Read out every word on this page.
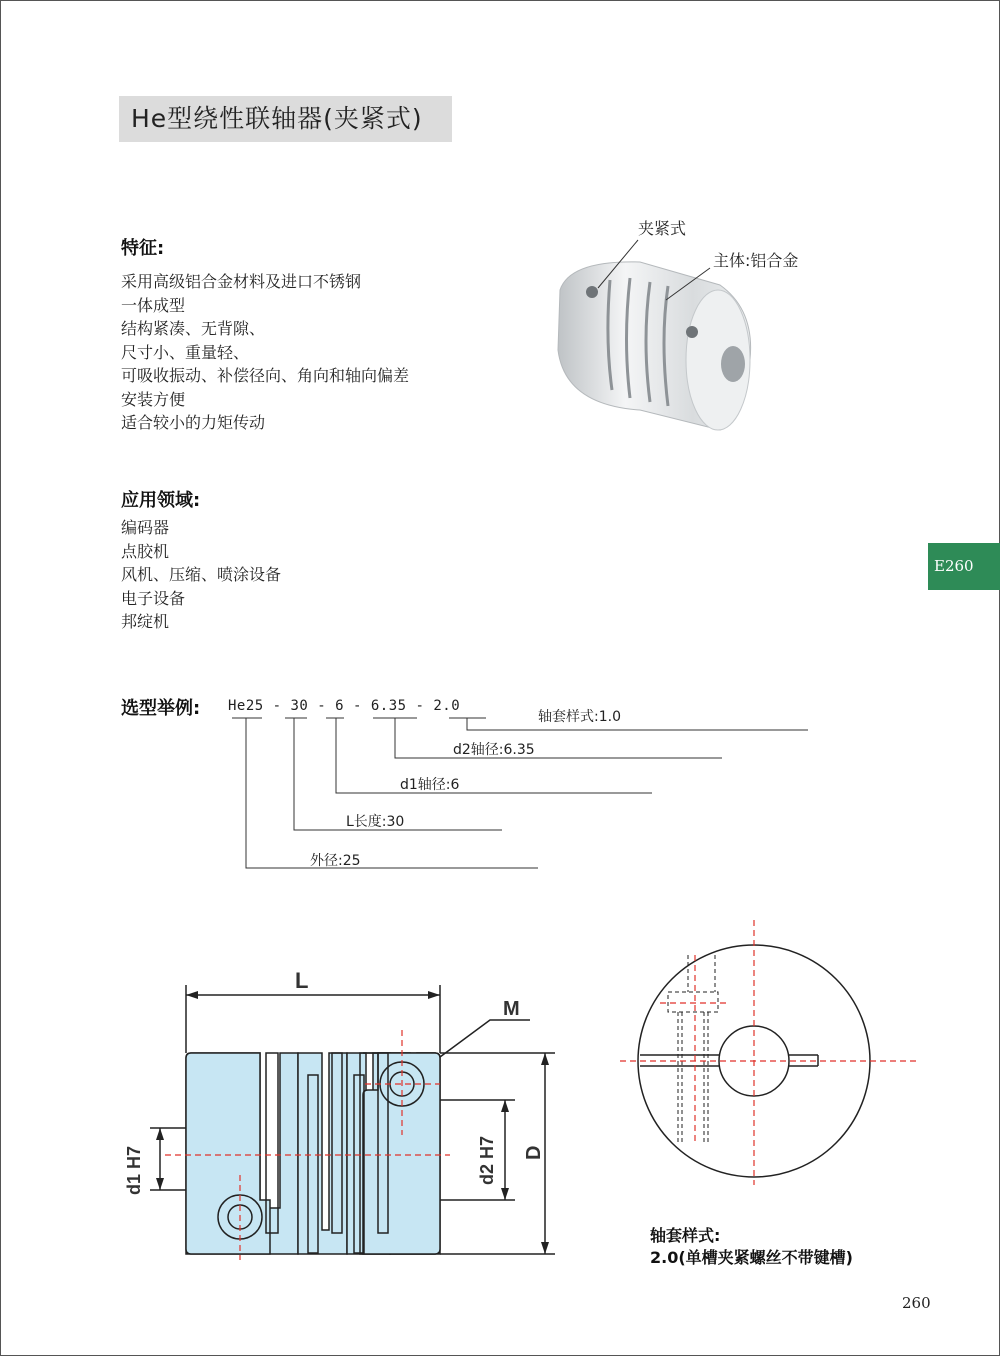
He型绕性联轴器(夹紧式)
特征:
采用高级铝合金材料及进口不锈钢
一体成型
结构紧凑、无背隙、
尺寸小、重量轻、
可吸收振动、补偿径向、角向和轴向偏差
安装方便
适合较小的力矩传动
应用领域:
编码器
点胶机
风机、压缩、喷涂设备
电子设备
邦绽机
夹紧式
主体:铝合金
E260
选型举例: He25 - 30 - 6 - 6.35 - 2.0
轴套样式:1.0
d2轴径:6.35
d1轴径:6
L长度:30
外径:25
L
M
D
d1 H7	d2 H7
轴套样式:
2.0(单槽夹紧螺丝不带键槽)
260
